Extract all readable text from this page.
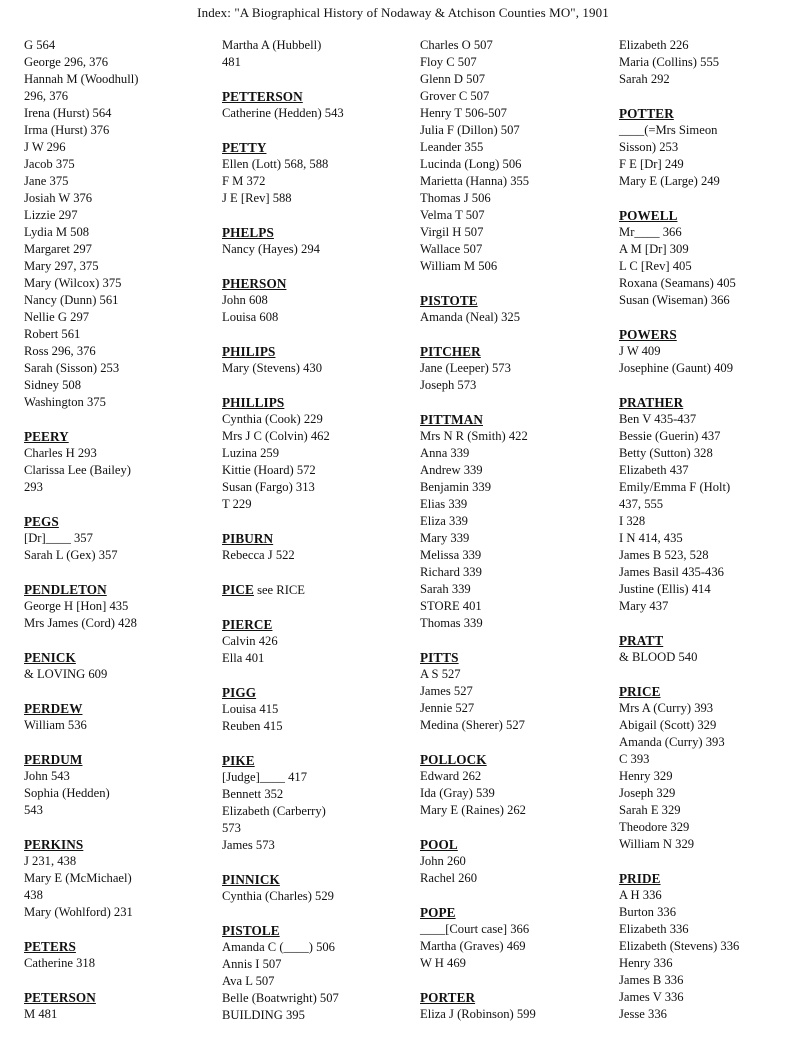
Index: "A Biographical History of Nodaway & Atchison Counties MO", 1901
G 564
George 296, 376
Hannah M (Woodhull)
296, 376
Irena (Hurst) 564
Irma (Hurst) 376
J W 296
Jacob 375
Jane 375
Josiah W 376
Lizzie 297
Lydia M 508
Margaret 297
Mary 297, 375
Mary (Wilcox) 375
Nancy (Dunn) 561
Nellie G 297
Robert 561
Ross 296, 376
Sarah (Sisson) 253
Sidney 508
Washington 375
PEERY
Charles H 293
Clarissa Lee (Bailey)
293
PEGS
[Dr]____ 357
Sarah L (Gex) 357
PENDLETON
George H [Hon] 435
Mrs James (Cord) 428
PENICK
& LOVING 609
PERDEW
William 536
PERDUM
John 543
Sophia (Hedden)
543
PERKINS
J 231, 438
Mary E (McMichael)
438
Mary (Wohlford) 231
PETERS
Catherine 318
PETERSON
M 481
Martha A (Hubbell)
481
PETTERSON
Catherine (Hedden) 543
PETTY
Ellen (Lott) 568, 588
F M 372
J E [Rev] 588
PHELPS
Nancy (Hayes) 294
PHERSON
John 608
Louisa 608
PHILIPS
Mary (Stevens) 430
PHILLIPS
Cynthia (Cook) 229
Mrs J C (Colvin) 462
Luzina 259
Kittie (Hoard) 572
Susan (Fargo) 313
T 229
PIBURN
Rebecca J 522
PICE see RICE
PIERCE
Calvin 426
Ella 401
PIGG
Louisa 415
Reuben 415
PIKE
[Judge]____ 417
Bennett 352
Elizabeth (Carberry)
573
James 573
PINNICK
Cynthia (Charles) 529
PISTOLE
Amanda C (____) 506
Annis I 507
Ava L 507
Belle (Boatwright) 507
BUILDING 395
Charles O 507
Floy C 507
Glenn D 507
Grover C 507
Henry T 506-507
Julia F (Dillon) 507
Leander 355
Lucinda (Long) 506
Marietta (Hanna) 355
Thomas J 506
Velma T 507
Virgil H 507
Wallace 507
William M 506
PISTOTE
Amanda (Neal) 325
PITCHER
Jane (Leeper) 573
Joseph 573
PITTMAN
Mrs N R (Smith) 422
Anna 339
Andrew 339
Benjamin 339
Elias 339
Eliza 339
Mary 339
Melissa 339
Richard 339
Sarah 339
STORE 401
Thomas 339
PITTS
A S 527
James 527
Jennie 527
Medina (Sherer) 527
POLLOCK
Edward 262
Ida (Gray) 539
Mary E (Raines) 262
POOL
John 260
Rachel 260
POPE
____[Court case] 366
Martha (Graves) 469
W H 469
PORTER
Eliza J (Robinson) 599
Elizabeth 226
Maria (Collins) 555
Sarah 292
POTTER
____(=Mrs Simeon
Sisson) 253
F E [Dr] 249
Mary E (Large) 249
POWELL
Mr____ 366
A M [Dr] 309
L C [Rev] 405
Roxana (Seamans) 405
Susan (Wiseman) 366
POWERS
J W 409
Josephine (Gaunt) 409
PRATHER
Ben V 435-437
Bessie (Guerin) 437
Betty (Sutton) 328
Elizabeth 437
Emily/Emma F (Holt)
437, 555
I 328
I N 414, 435
James B 523, 528
James Basil 435-436
Justine (Ellis) 414
Mary 437
PRATT
& BLOOD 540
PRICE
Mrs A (Curry) 393
Abigail (Scott) 329
Amanda (Curry) 393
C 393
Henry 329
Joseph 329
Sarah E 329
Theodore 329
William N 329
PRIDE
A H 336
Burton 336
Elizabeth 336
Elizabeth (Stevens) 336
Henry 336
James B 336
James V 336
Jesse 336
